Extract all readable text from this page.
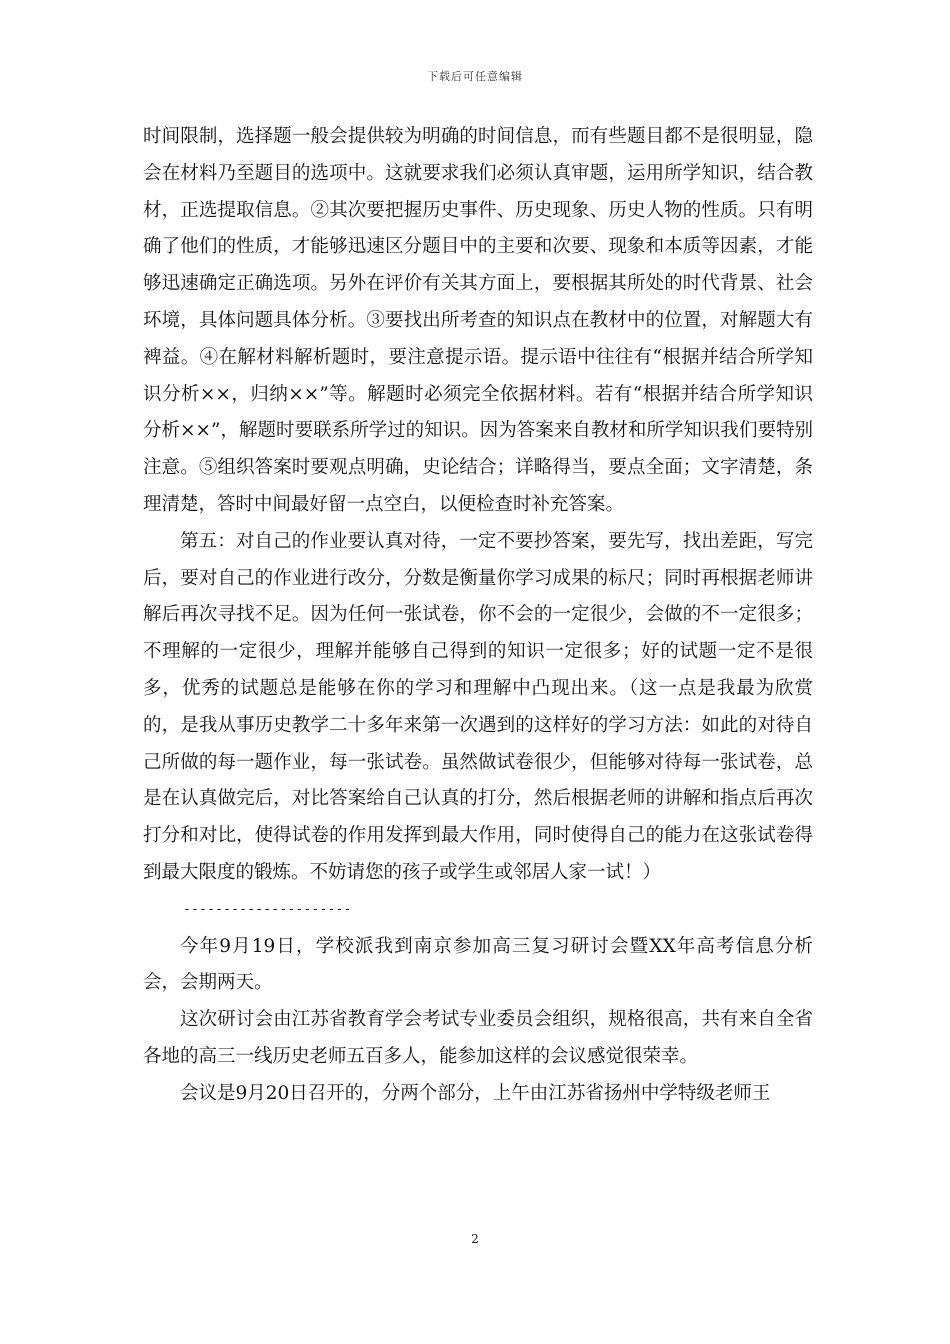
下载后可任意编辑

时间限制，选择题一般会提供较为明确的时间信息，而有些题目都不是很明显，隐会在材料乃至题目的选项中。这就要求我们必须认真审题，运用所学知识，结合教材，正选提取信息。②其次要把握历史事件、历史现象、历史人物的性质。只有明确了他们的性质，才能够迅速区分题目中的主要和次要、现象和本质等因素，才能够迅速确定正确选项。另外在评价有关其方面上，要根据其所处的时代背景、社会环境，具体问题具体分析。③要找出所考查的知识点在教材中的位置，对解题大有裨益。④在解材料解析题时，要注意提示语。提示语中往往有“根据并结合所学知识分析××，归纳××”等。解题时必须完全依据材料。若有“根据并结合所学知识分析××”，解题时要联系所学过的知识。因为答案来自教材和所学知识我们要特别注意。⑤组织答案时要观点明确，史论结合；详略得当，要点全面；文字清楚，条理清楚，答时中间最好留一点空白，以便检查时补充答案。

第五：对自己的作业要认真对待，一定不要抄答案，要先写，找出差距，写完后，要对自己的作业进行改分，分数是衡量你学习成果的标尺；同时再根据老师讲解后再次寻找不足。因为任何一张试卷，你不会的一定很少，会做的不一定很多；不理解的一定很少，理解并能够自己得到的知识一定很多；好的试题一定不是很多，优秀的试题总是能够在你的学习和理解中凸现出来。（这一点是我最为欣赏的，是我从事历史教学二十多年来第一次遇到的这样好的学习方法：如此的对待自己所做的每一题作业，每一张试卷。虽然做试卷很少，但能够对待每一张试卷，总是在认真做完后，对比答案给自己认真的打分，然后根据老师的讲解和指点后再次打分和对比，使得试卷的作用发挥到最大作用，同时使得自己的能力在这张试卷得到最大限度的锻炼。不妨请您的孩子或学生或邻居人家一试！）

---------------------

今年9月19日，学校派我到南京参加高三复习研讨会暨XX年高考信息分析会，会期两天。

这次研讨会由江苏省教育学会考试专业委员会组织，规格很高，共有来自全省各地的高三一线历史老师五百多人，能参加这样的会议感觉很荣幸。

会议是9月20日召开的，分两个部分，上午由江苏省扬州中学特级老师王

2
